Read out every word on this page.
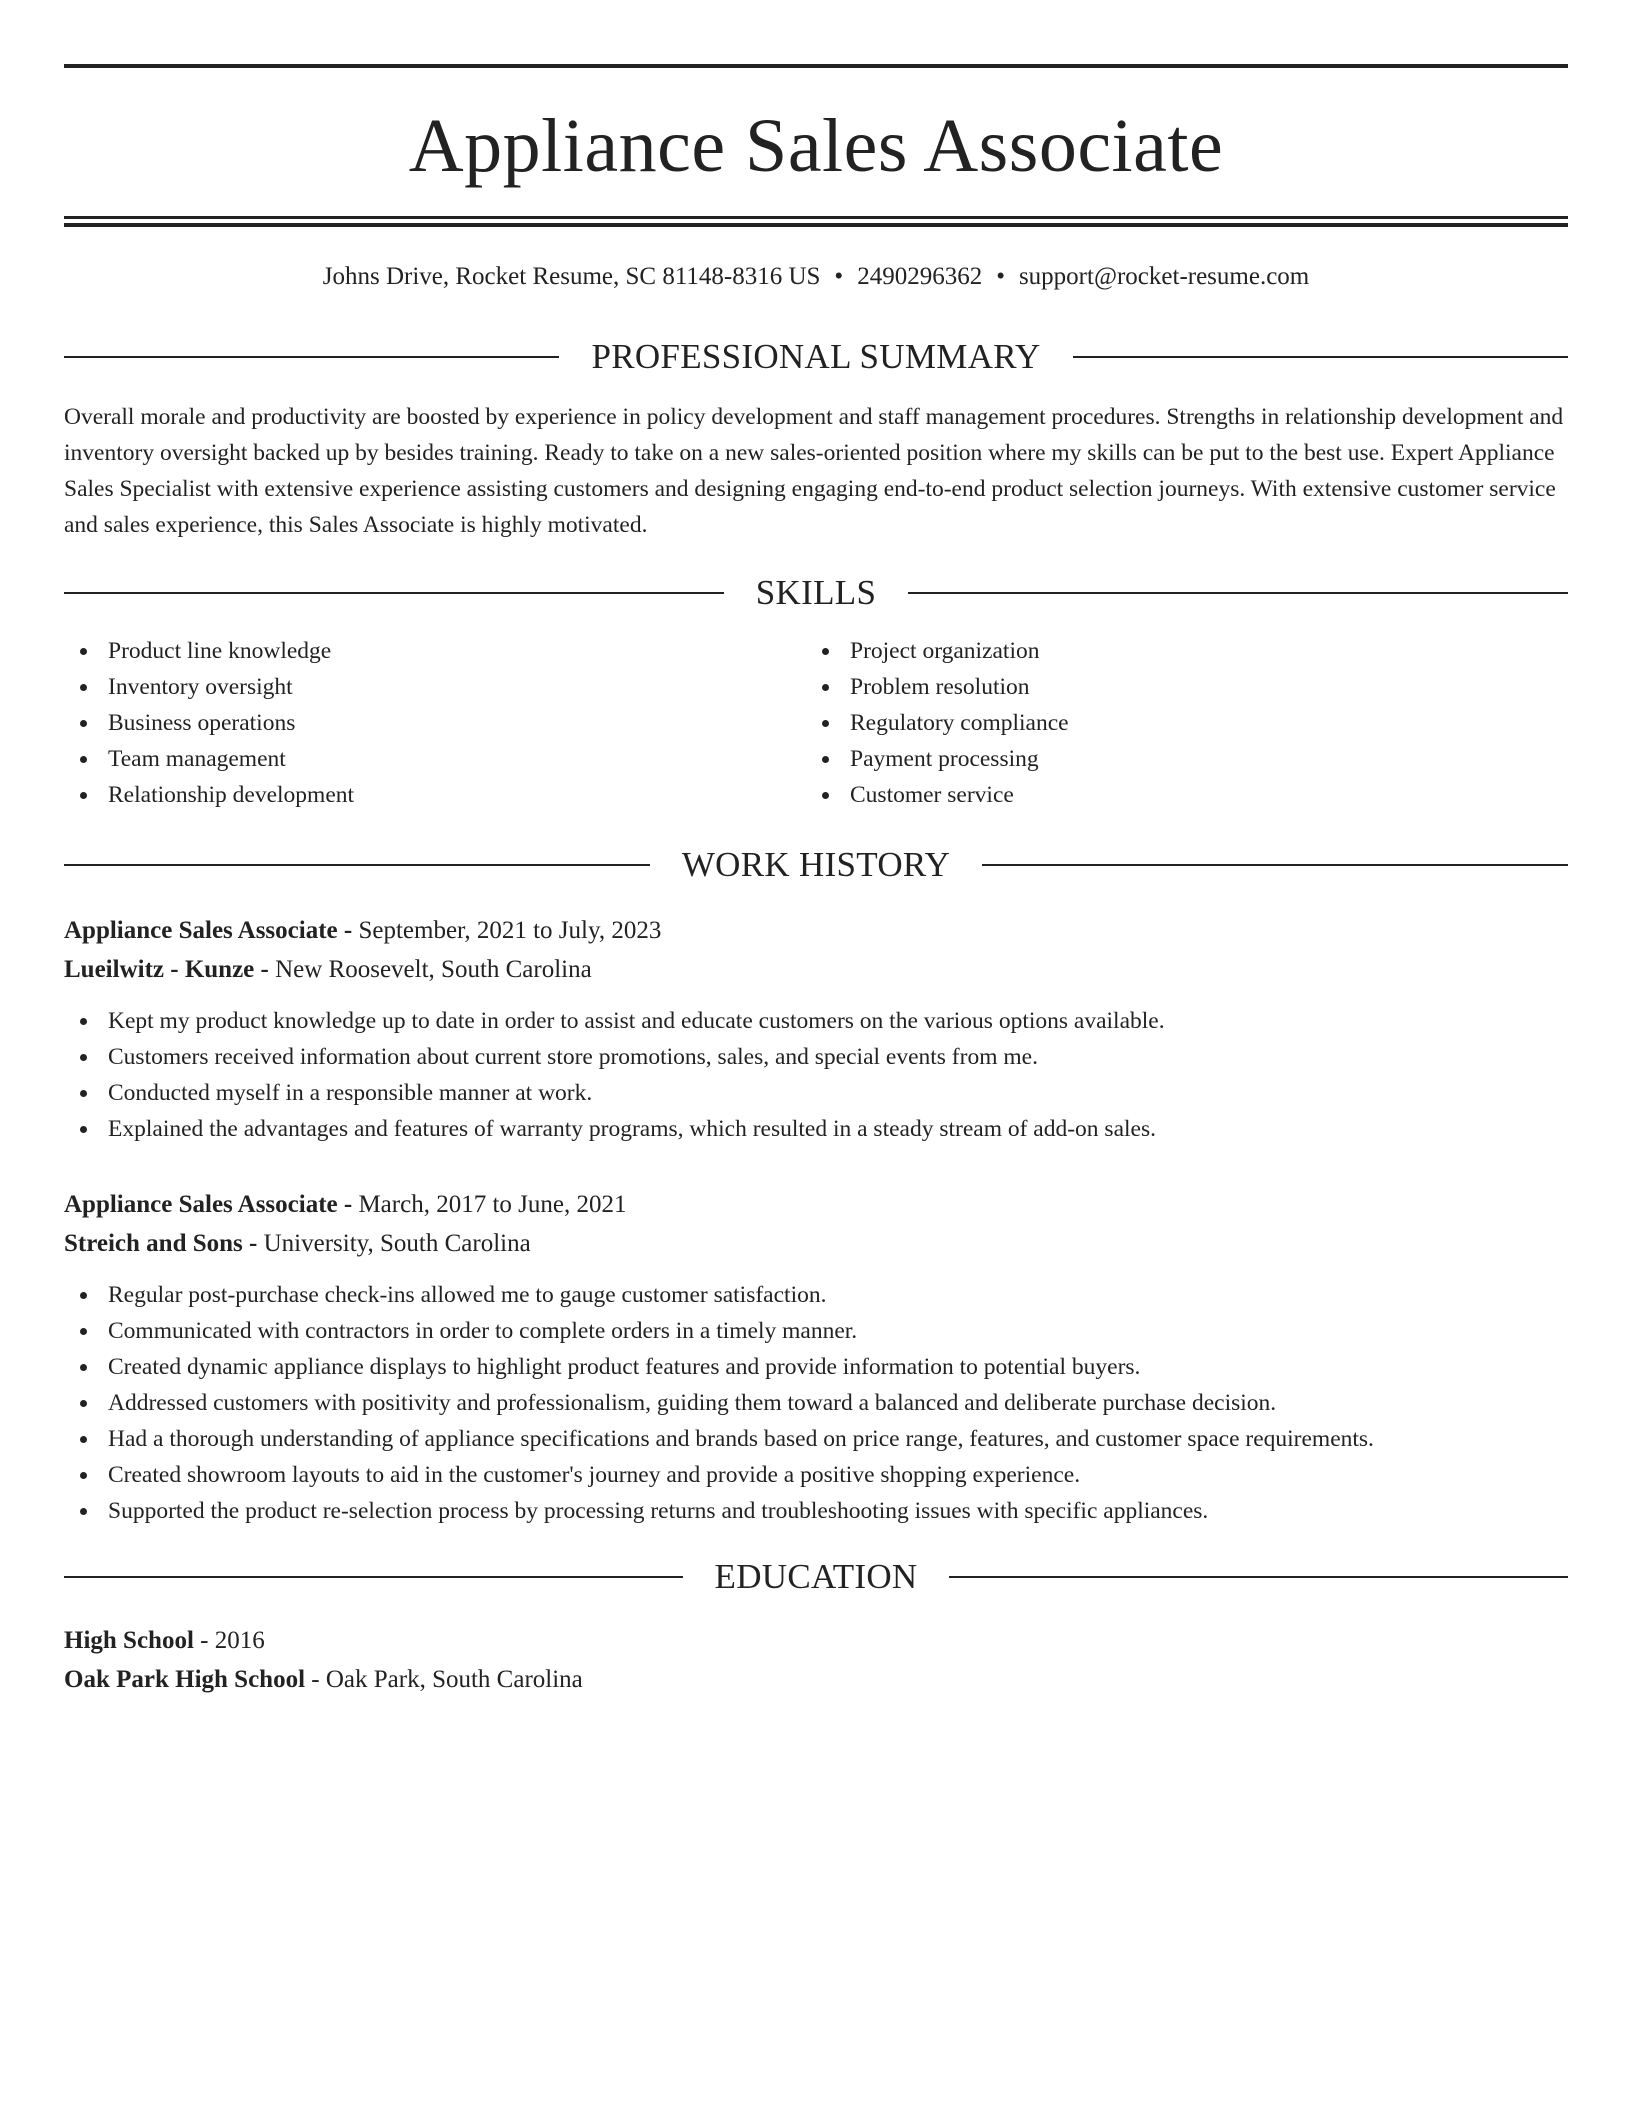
Appliance Sales Associate
Johns Drive, Rocket Resume, SC 81148-8316 US • 2490296362 • support@rocket-resume.com
PROFESSIONAL SUMMARY

Overall morale and productivity are boosted by experience in policy development and staff management procedures. Strengths in relationship development and inventory oversight backed up by besides training. Ready to take on a new sales-oriented position where my skills can be put to the best use. Expert Appliance Sales Specialist with extensive experience assisting customers and designing engaging end-to-end product selection journeys. With extensive customer service and sales experience, this Sales Associate is highly motivated.

SKILLS
Product line knowledge
Inventory oversight
Business operations
Team management
Relationship development
Project organization
Problem resolution
Regulatory compliance
Payment processing
Customer service
WORK HISTORY
Appliance Sales Associate - September, 2021 to July, 2023
Lueilwitz - Kunze - New Roosevelt, South Carolina
Kept my product knowledge up to date in order to assist and educate customers on the various options available.
Customers received information about current store promotions, sales, and special events from me.
Conducted myself in a responsible manner at work.
Explained the advantages and features of warranty programs, which resulted in a steady stream of add-on sales.
Appliance Sales Associate - March, 2017 to June, 2021
Streich and Sons - University, South Carolina
Regular post-purchase check-ins allowed me to gauge customer satisfaction.
Communicated with contractors in order to complete orders in a timely manner.
Created dynamic appliance displays to highlight product features and provide information to potential buyers.
Addressed customers with positivity and professionalism, guiding them toward a balanced and deliberate purchase decision.
Had a thorough understanding of appliance specifications and brands based on price range, features, and customer space requirements.
Created showroom layouts to aid in the customer's journey and provide a positive shopping experience.
Supported the product re-selection process by processing returns and troubleshooting issues with specific appliances.
EDUCATION
High School - 2016
Oak Park High School - Oak Park, South Carolina
